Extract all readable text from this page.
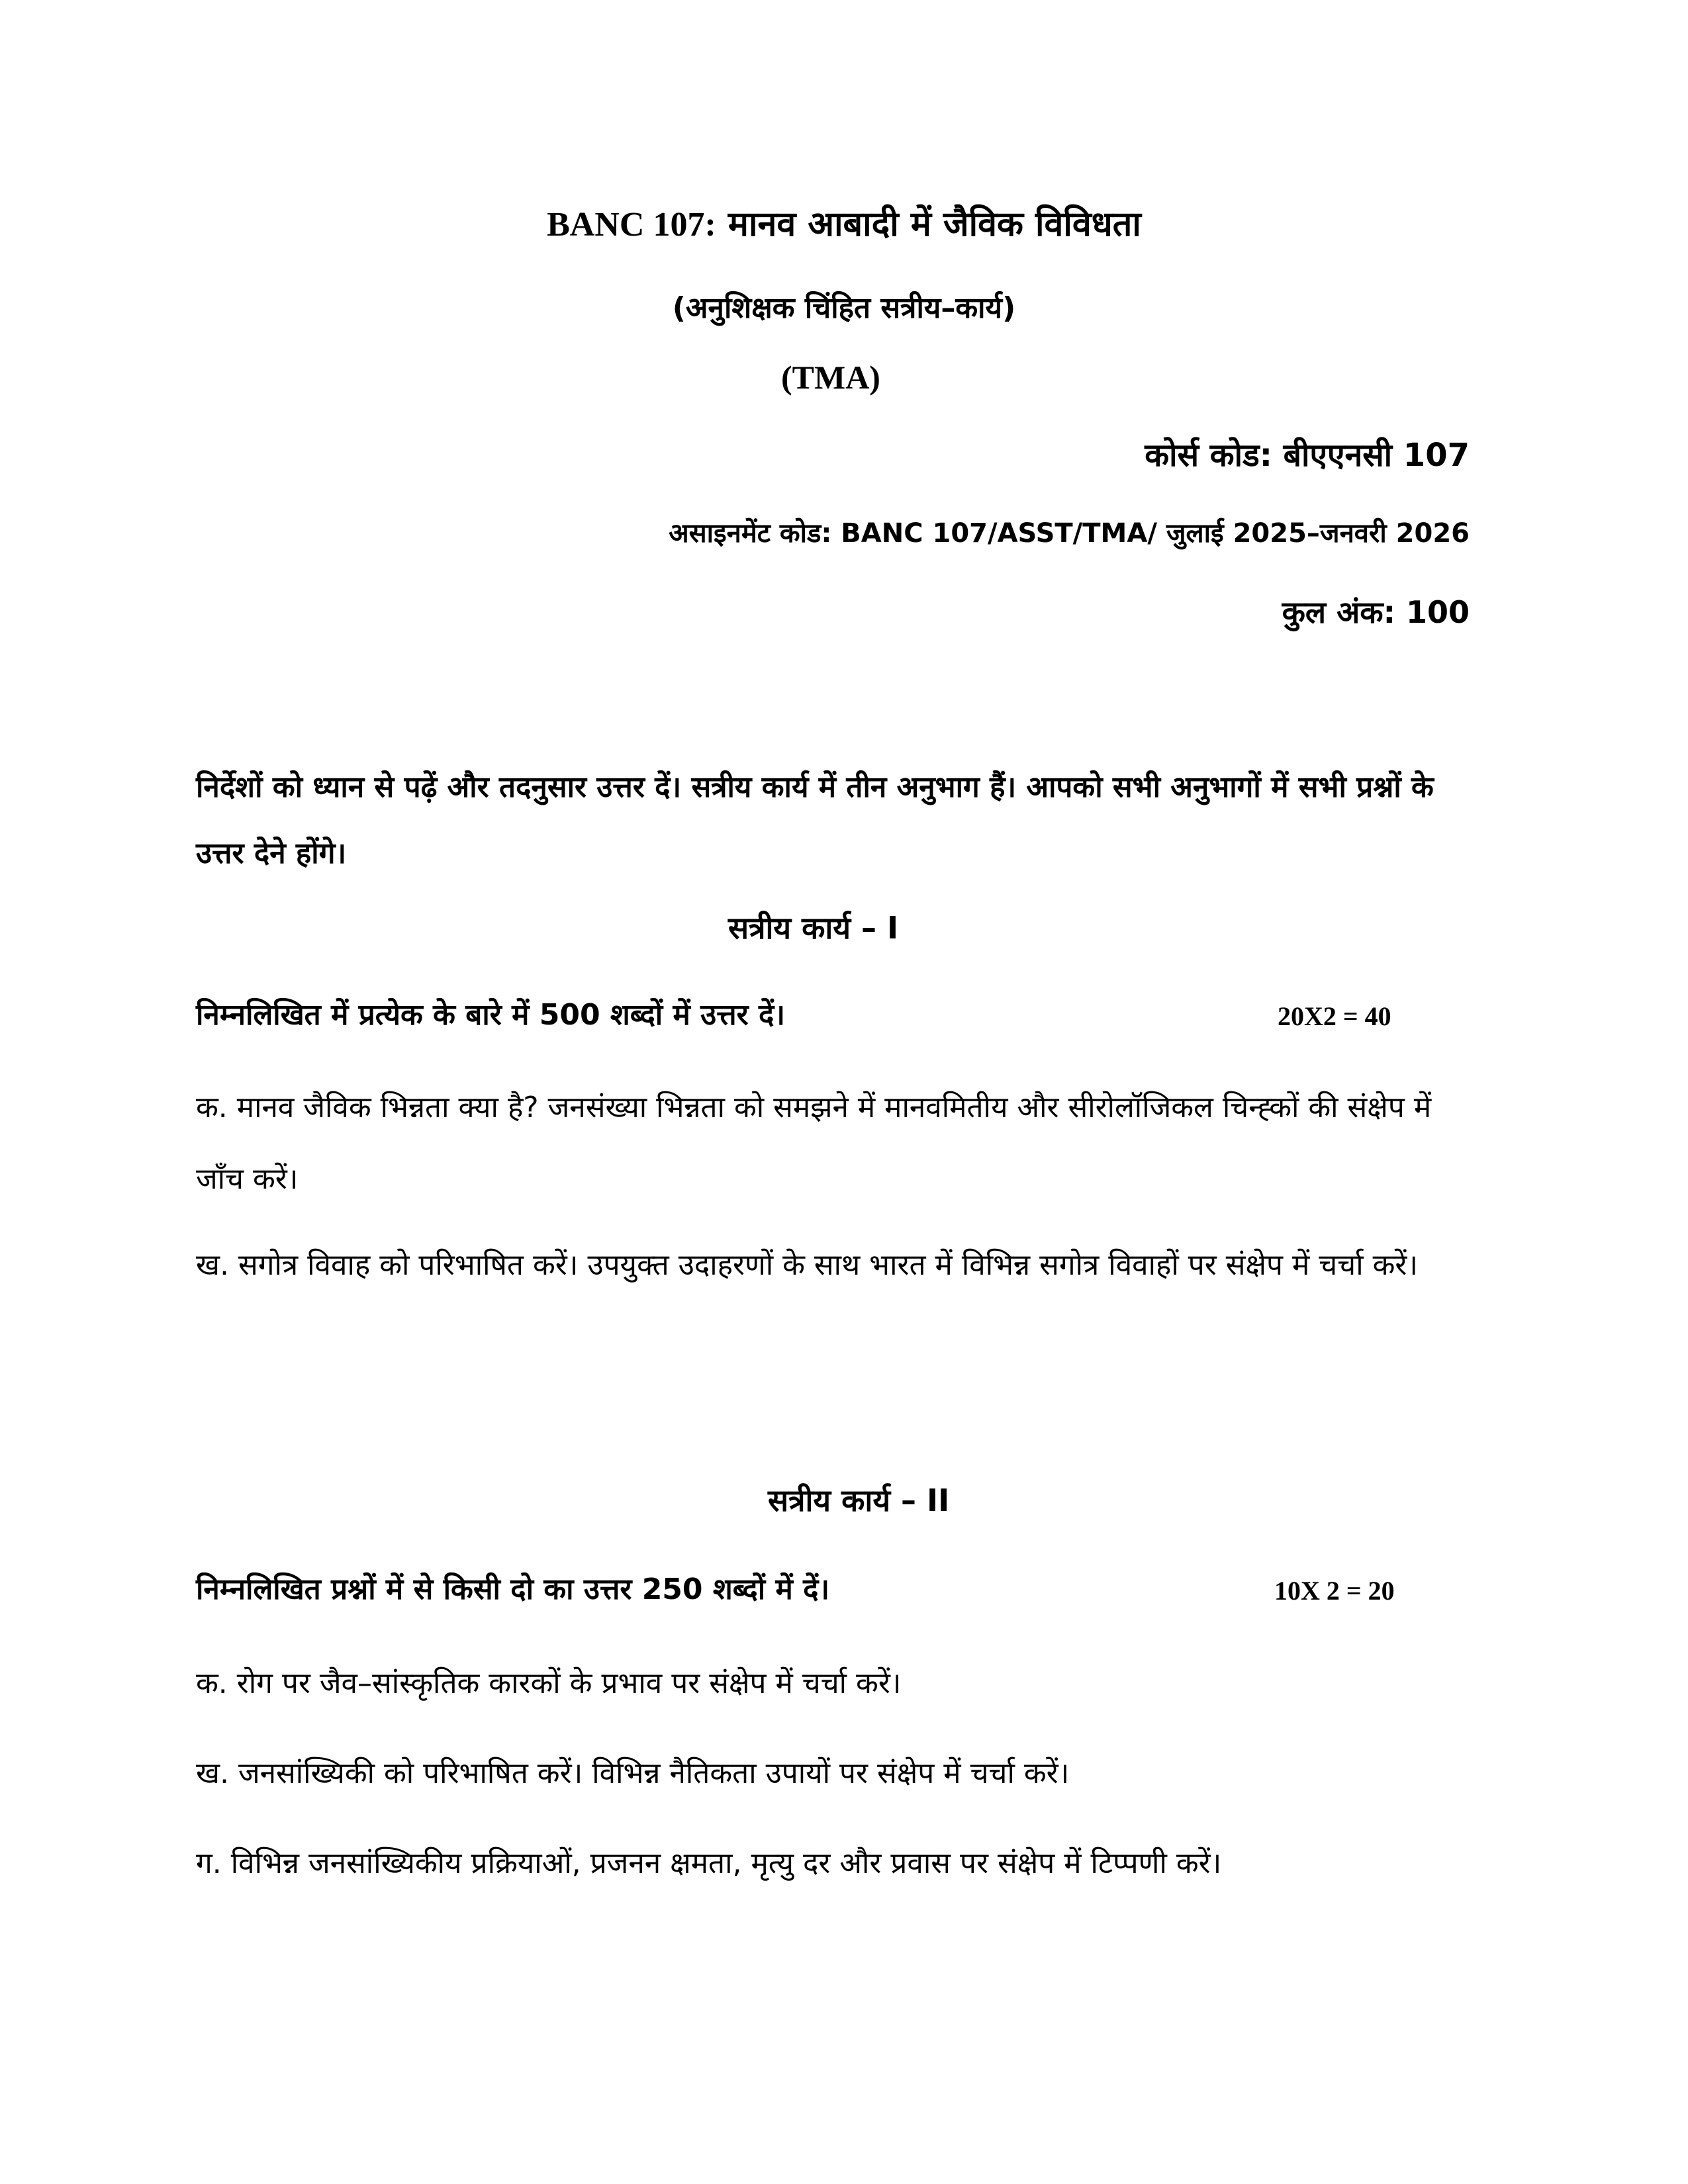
BANC 107: मानव आबादी में जैविक विविधता
(अनुशिक्षक चिंहित सत्रीय–कार्य)
(TMA)
कोर्स कोड: बीएएनसी 107
असाइनमेंट कोड: BANC 107/ASST/TMA/ जुलाई 2025–जनवरी 2026
कुल अंक: 100
निर्देशों को ध्यान से पढ़ें और तदनुसार उत्तर दें। सत्रीय कार्य में तीन अनुभाग हैं। आपको सभी अनुभागों में सभी प्रश्नों के उत्तर देने होंगे।
सत्रीय कार्य – I
निम्नलिखित में प्रत्येक के बारे में 500 शब्दों में उत्तर दें।	20X2 = 40
क. मानव जैविक भिन्नता क्या है? जनसंख्या भिन्नता को समझने में मानवमितीय और सीरोलॉजिकल चिन्ह्कों की संक्षेप में जाँच करें।
ख. सगोत्र विवाह को परिभाषित करें। उपयुक्त उदाहरणों के साथ भारत में विभिन्न सगोत्र विवाहों पर संक्षेप में चर्चा करें।
सत्रीय कार्य – II
निम्नलिखित प्रश्नों में से किसी दो का उत्तर 250 शब्दों में दें।	10X 2 = 20
क. रोग पर जैव–सांस्कृतिक कारकों के प्रभाव पर संक्षेप में चर्चा करें।
ख. जनसांख्यिकी को परिभाषित करें। विभिन्न नैतिकता उपायों पर संक्षेप में चर्चा करें।
ग. विभिन्न जनसांख्यिकीय प्रक्रियाओं, प्रजनन क्षमता, मृत्यु दर और प्रवास पर संक्षेप में टिप्पणी करें।
